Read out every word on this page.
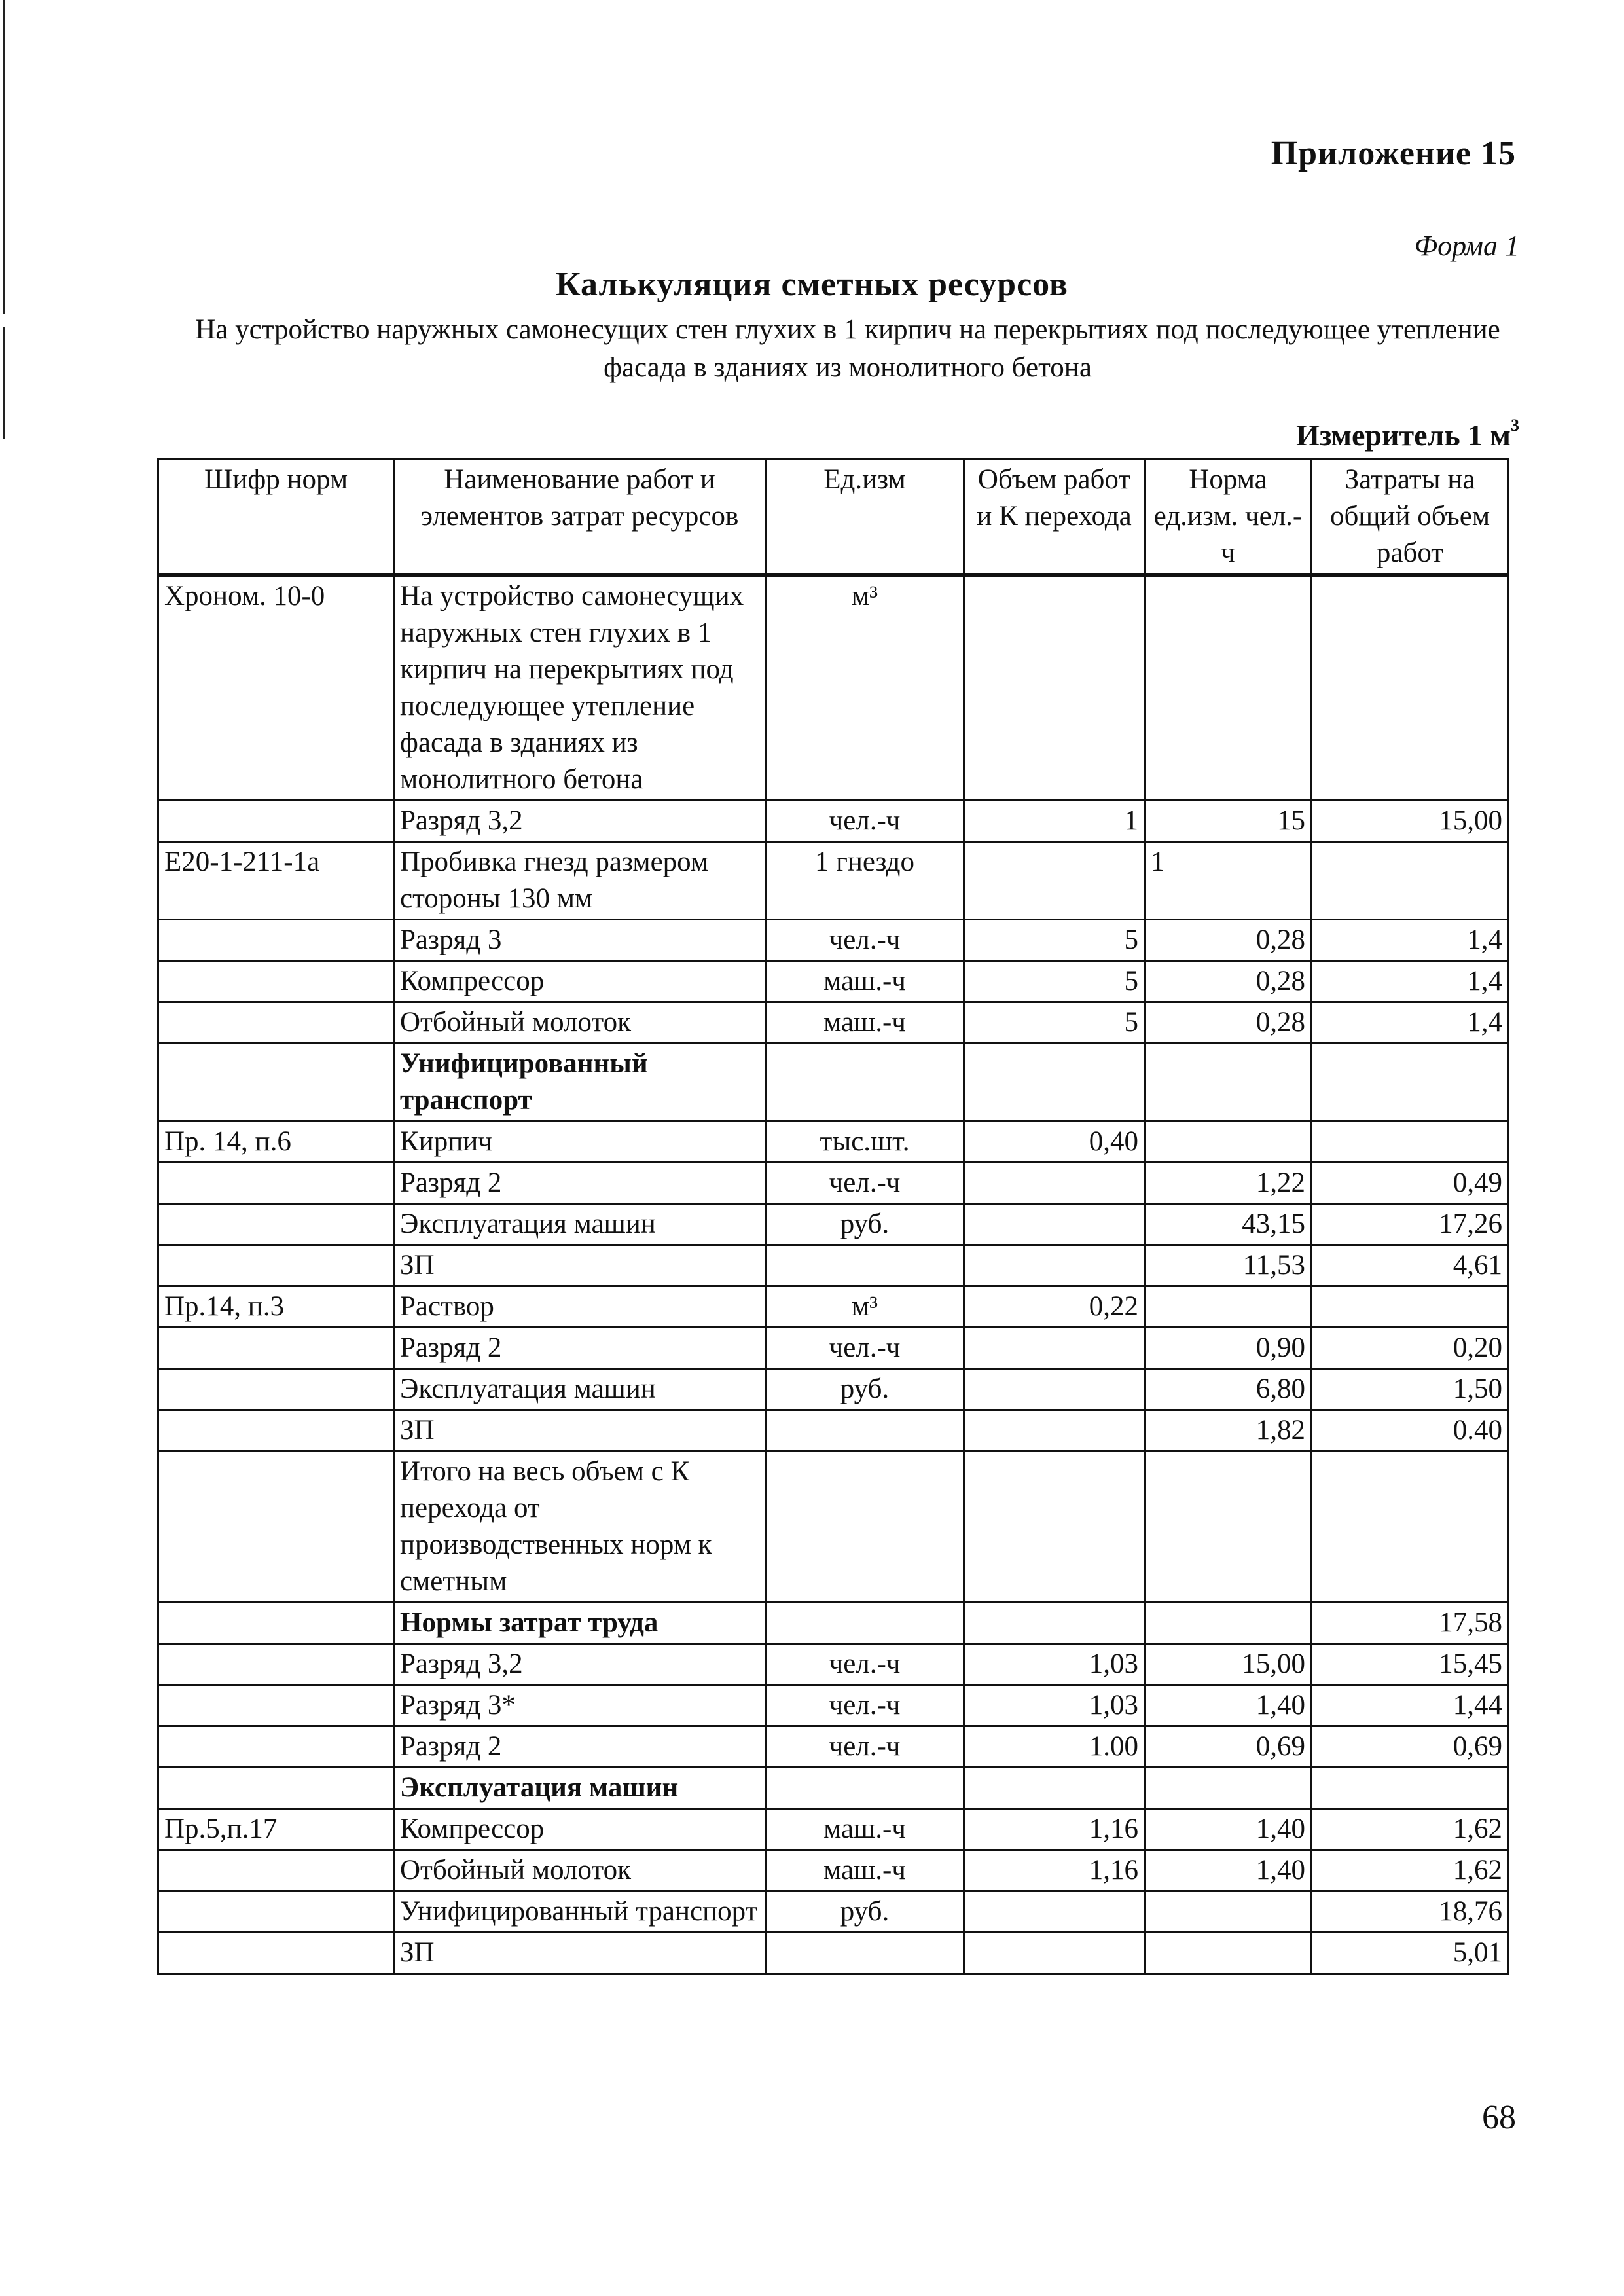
Приложение 15
Форма 1
Калькуляция сметных ресурсов
На устройство наружных самонесущих стен глухих в 1 кирпич на перекрытиях под последующее утепление фасада в зданиях из монолитного бетона
Измеритель 1 $м^3$
Шифр норм	Наименование работ и элементов затрат ресурсов	Ед.изм	Объем работ и К перехода	Норма ед.изм. чел.-ч	Затраты на общий объем работ
Хроном. 10-0	На устройство самонесущих наружных стен глухих в 1 кирпич на перекрытиях под последующее утепление фасада в зданиях из монолитного бетона	м³			
	Разряд 3,2	чел.-ч	1	15	15,00
Е20-1-211-1а	Пробивка гнезд размером стороны 130 мм	1 гнездо		1	
	Разряд 3	чел.-ч	5	0,28	1,4
	Компрессор	маш.-ч	5	0,28	1,4
	Отбойный молоток	маш.-ч	5	0,28	1,4
	Унифицированный транспорт				
Пр. 14, п.6	Кирпич	тыс.шт.	0,40		
	Разряд 2	чел.-ч		1,22	0,49
	Эксплуатация машин	руб.		43,15	17,26
	ЗП			11,53	4,61
Пр.14, п.3	Раствор	м³	0,22		
	Разряд 2	чел.-ч		0,90	0,20
	Эксплуатация машин	руб.		6,80	1,50
	ЗП			1,82	0.40
	Итого на весь объем с К перехода от производственных норм к сметным				
	Нормы затрат труда				17,58
	Разряд 3,2	чел.-ч	1,03	15,00	15,45
	Разряд 3*	чел.-ч	1,03	1,40	1,44
	Разряд 2	чел.-ч	1.00	0,69	0,69
	Эксплуатация машин				
Пр.5,п.17	Компрессор	маш.-ч	1,16	1,40	1,62
	Отбойный молоток	маш.-ч	1,16	1,40	1,62
	Унифицированный транспорт	руб.			18,76
	ЗП				5,01
68
